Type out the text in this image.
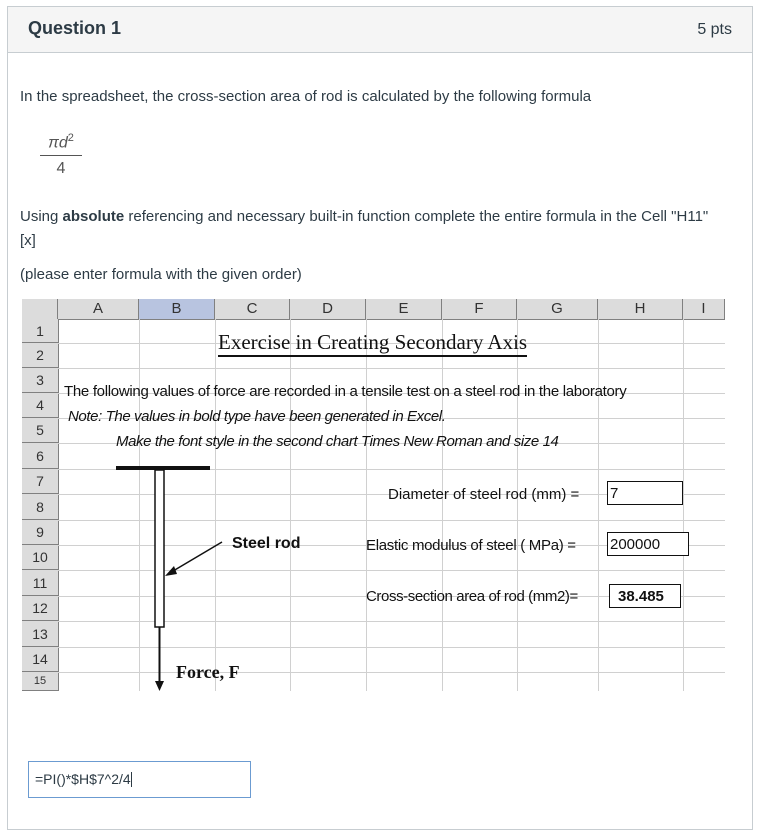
Question 1	5 pts
In the spreadsheet, the cross-section area of rod is calculated by the following formula
$\frac{\pi d^2}{4}$
Using absolute referencing and necessary built-in function complete the entire formula in the Cell "H11" [x]
(please enter formula with the given order)
A	B	C	D	E	F	G	H	I
1
2
3
4
5
6
7
8
9
10
11
12
13
14
15
Exercise in Creating Secondary Axis
The following values of force are recorded in a tensile test on a steel rod in the laboratory
Note: The values in bold type have been generated in Excel.
Make the font style in the second chart Times New Roman and size 14
Steel rod
Force, F
Diameter of steel rod (mm) = 7
Elastic modulus of steel ( MPa) = 200000
Cross-section area of rod (mm2)=	38.485
=PI()*$H$7^2/4
